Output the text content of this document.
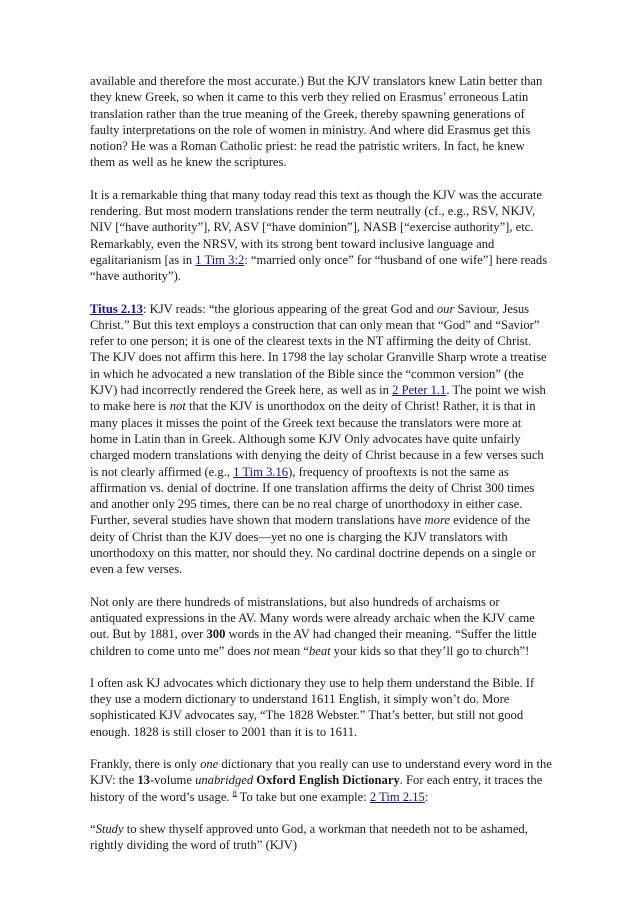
available and therefore the most accurate.) But the KJV translators knew Latin better than they knew Greek, so when it came to this verb they relied on Erasmus’ erroneous Latin translation rather than the true meaning of the Greek, thereby spawning generations of faulty interpretations on the role of women in ministry. And where did Erasmus get this notion? He was a Roman Catholic priest: he read the patristic writers. In fact, he knew them as well as he knew the scriptures.

It is a remarkable thing that many today read this text as though the KJV was the accurate rendering. But most modern translations render the term neutrally (cf., e.g., RSV, NKJV, NIV [“have authority”], RV, ASV [“have dominion”], NASB [“exercise authority”], etc. Remarkably, even the NRSV, with its strong bent toward inclusive language and egalitarianism [as in 1 Tim 3:2: “married only once” for “husband of one wife”] here reads “have authority”).

Titus 2.13: KJV reads: “the glorious appearing of the great God and our Saviour, Jesus Christ.” But this text employs a construction that can only mean that “God” and “Savior” refer to one person; it is one of the clearest texts in the NT affirming the deity of Christ. The KJV does not affirm this here. In 1798 the lay scholar Granville Sharp wrote a treatise in which he advocated a new translation of the Bible since the “common version” (the KJV) had incorrectly rendered the Greek here, as well as in 2 Peter 1.1. The point we wish to make here is not that the KJV is unorthodox on the deity of Christ! Rather, it is that in many places it misses the point of the Greek text because the translators were more at home in Latin than in Greek. Although some KJV Only advocates have quite unfairly charged modern translations with denying the deity of Christ because in a few verses such is not clearly affirmed (e.g., 1 Tim 3.16), frequency of prooftexts is not the same as affirmation vs. denial of doctrine. If one translation affirms the deity of Christ 300 times and another only 295 times, there can be no real charge of unorthodoxy in either case. Further, several studies have shown that modern translations have more evidence of the deity of Christ than the KJV does—yet no one is charging the KJV translators with unorthodoxy on this matter, nor should they. No cardinal doctrine depends on a single or even a few verses.

Not only are there hundreds of mistranslations, but also hundreds of archaisms or antiquated expressions in the AV. Many words were already archaic when the KJV came out. But by 1881, over 300 words in the AV had changed their meaning. “Suffer the little children to come unto me” does not mean “beat your kids so that they’ll go to church”!

I often ask KJ advocates which dictionary they use to help them understand the Bible. If they use a modern dictionary to understand 1611 English, it simply won’t do. More sophisticated KJV advocates say, “The 1828 Webster.” That’s better, but still not good enough. 1828 is still closer to 2001 than it is to 1611.

Frankly, there is only one dictionary that you really can use to understand every word in the KJV: the 13-volume unabridged Oxford English Dictionary. For each entry, it traces the history of the word’s usage. $^8$ To take but one example: 2 Tim 2.15:

“Study to shew thyself approved unto God, a workman that needeth not to be ashamed, rightly dividing the word of truth” (KJV)
